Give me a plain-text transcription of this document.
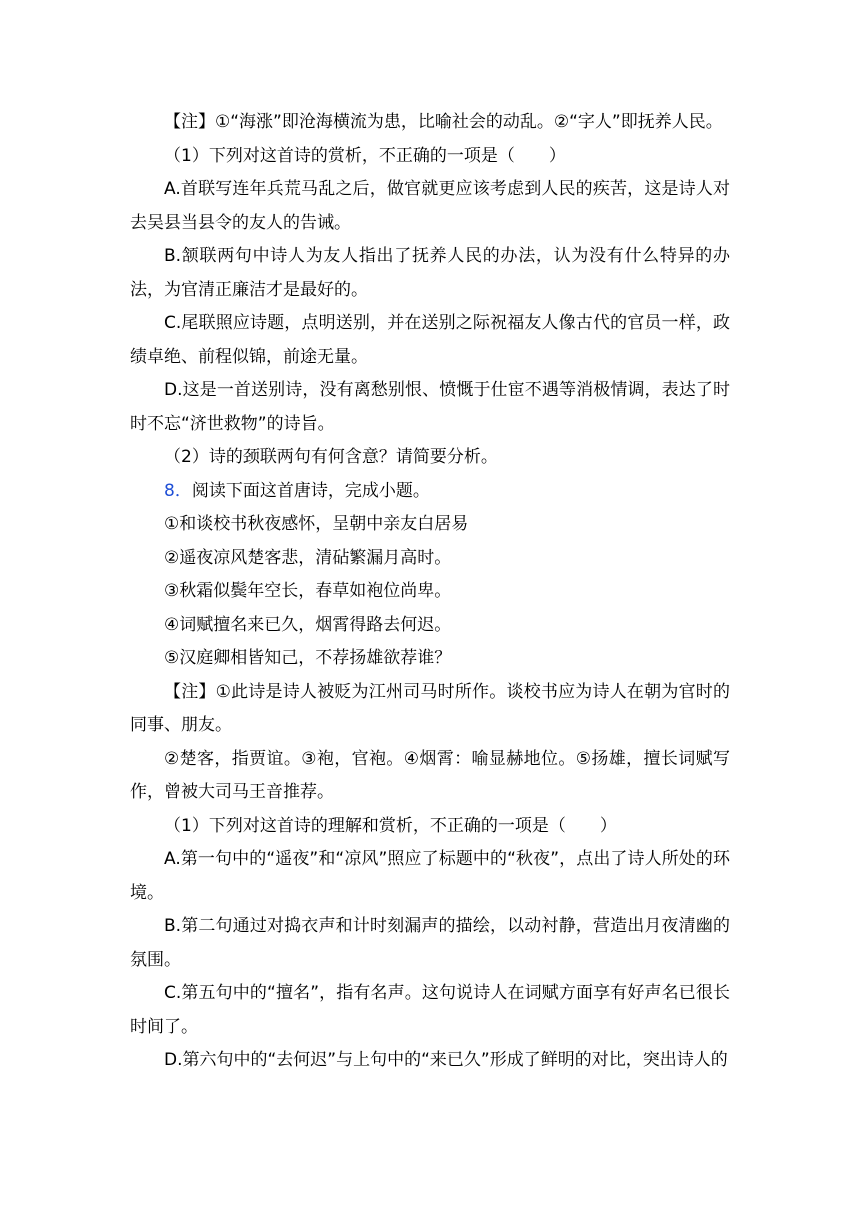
【注】①“海涨”即沧海横流为患，比喻社会的动乱。②“字人”即抚养人民。

（1）下列对这首诗的赏析，不正确的一项是（　　）

A.首联写连年兵荒马乱之后，做官就更应该考虑到人民的疾苦，这是诗人对去吴县当县令的友人的告诫。

B.颔联两句中诗人为友人指出了抚养人民的办法，认为没有什么特异的办法，为官清正廉洁才是最好的。

C.尾联照应诗题，点明送别，并在送别之际祝福友人像古代的官员一样，政绩卓绝、前程似锦，前途无量。

D.这是一首送别诗，没有离愁别恨、愤慨于仕宦不遇等消极情调，表达了时时不忘“济世救物”的诗旨。

（2）诗的颈联两句有何含意？请简要分析。

8．阅读下面这首唐诗，完成小题。

①和谈校书秋夜感怀，呈朝中亲友白居易

②遥夜凉风楚客悲，清砧繁漏月高时。

③秋霜似鬓年空长，春草如袍位尚卑。

④词赋擅名来已久，烟霄得路去何迟。

⑤汉庭卿相皆知己，不荐扬雄欲荐谁？

【注】①此诗是诗人被贬为江州司马时所作。谈校书应为诗人在朝为官时的同事、朋友。

②楚客，指贾谊。③袍，官袍。④烟霄：喻显赫地位。⑤扬雄，擅长词赋写作，曾被大司马王音推荐。

（1）下列对这首诗的理解和赏析，不正确的一项是（　　）

A.第一句中的“遥夜”和“凉风”照应了标题中的“秋夜”，点出了诗人所处的环境。

B.第二句通过对捣衣声和计时刻漏声的描绘，以动衬静，营造出月夜清幽的氛围。

C.第五句中的“擅名”，指有名声。这句说诗人在词赋方面享有好声名已很长时间了。

D.第六句中的“去何迟”与上句中的“来已久”形成了鲜明的对比，突出诗人的
